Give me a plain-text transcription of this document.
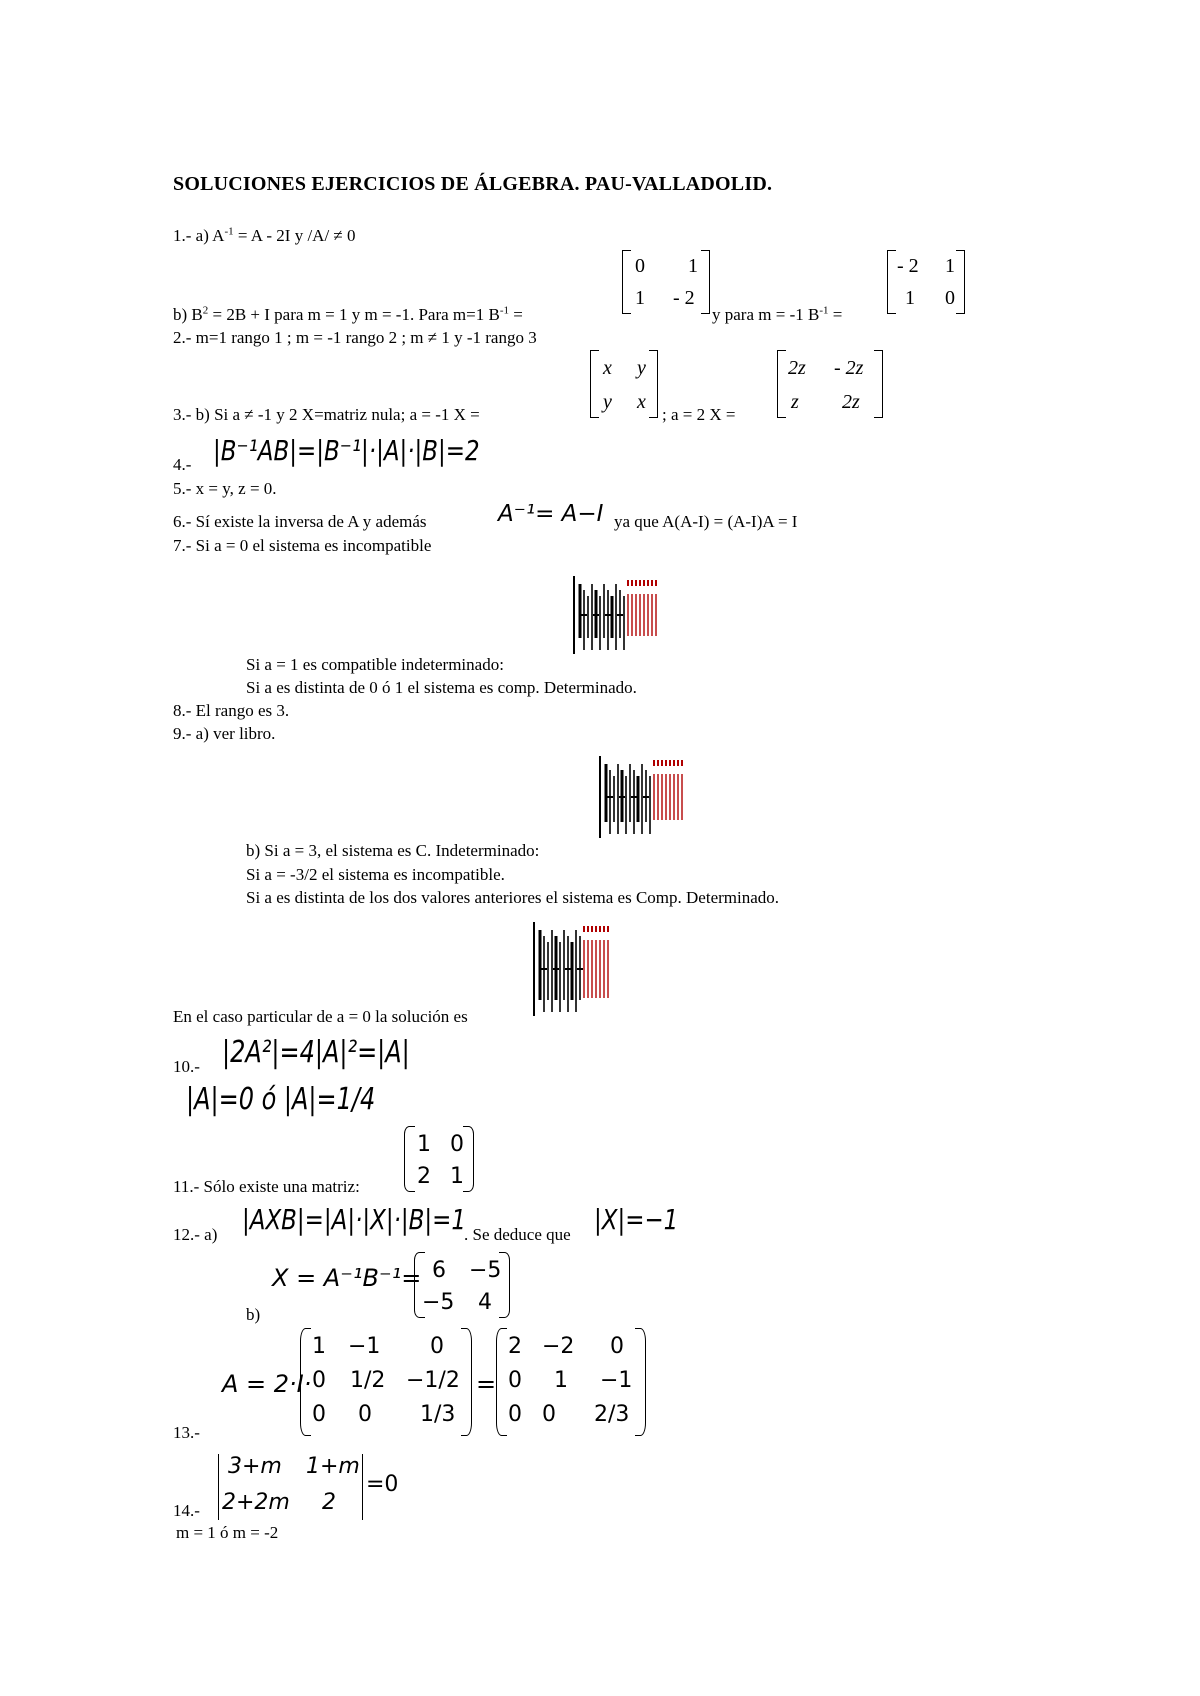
SOLUCIONES EJERCICIOS DE ÁLGEBRA. PAU-VALLADOLID.
1.- a) $A^{-1} = A - 2I$ y /A/ ≠ 0
b) $B^2 = 2B + I$ para m = 1 y m = -1. Para m=1 $B^{-1}$ =
0 1
1 - 2
y para m = -1 $B^{-1}$ =
- 2 1
1 0
2.- m=1 rango 1 ; m = -1 rango 2 ; m ≠ 1 y -1 rango 3
3.- b) Si a ≠ -1 y 2 X=matriz nula; a = -1 X =
x y
y x
; a = 2 X =
2z - 2z
z 2z
4.- |B⁻¹AB|=|B⁻¹|·|A|·|B|=2
5.- x = y, z = 0.
6.- Sí existe la inversa de A y además	A⁻¹= A−I ya que A(A-I) = (A-I)A = I
7.- Si a = 0 el sistema es incompatible
Si a = 1 es compatible indeterminado:
Si a es distinta de 0 ó 1 el sistema es comp. Determinado.
8.- El rango es 3.
9.- a) ver libro.
b) Si a = 3, el sistema es C. Indeterminado:
Si a = -3/2 el sistema es incompatible.
Si a es distinta de los dos valores anteriores el sistema es Comp. Determinado.
En el caso particular de a = 0 la solución es
10.- |2A²|=4|A|²=|A|
|A|=0 ó |A|=1/4
11.- Sólo existe una matriz:
1 0
2 1
12.- a) |AXB|=|A|·|X|·|B|=1
. Se deduce que |X|=−1
X = A⁻¹B⁻¹= 6 −5
−5 4
b)
A = 2·I·
1 −1 0
0 1/2 −1/2
0 0 1/3
=
2 −2 0
0 1 −1
0 0 2/3
13.-
3+m 1+m
2+2m 2
=0
14.-
m = 1 ó m = -2
